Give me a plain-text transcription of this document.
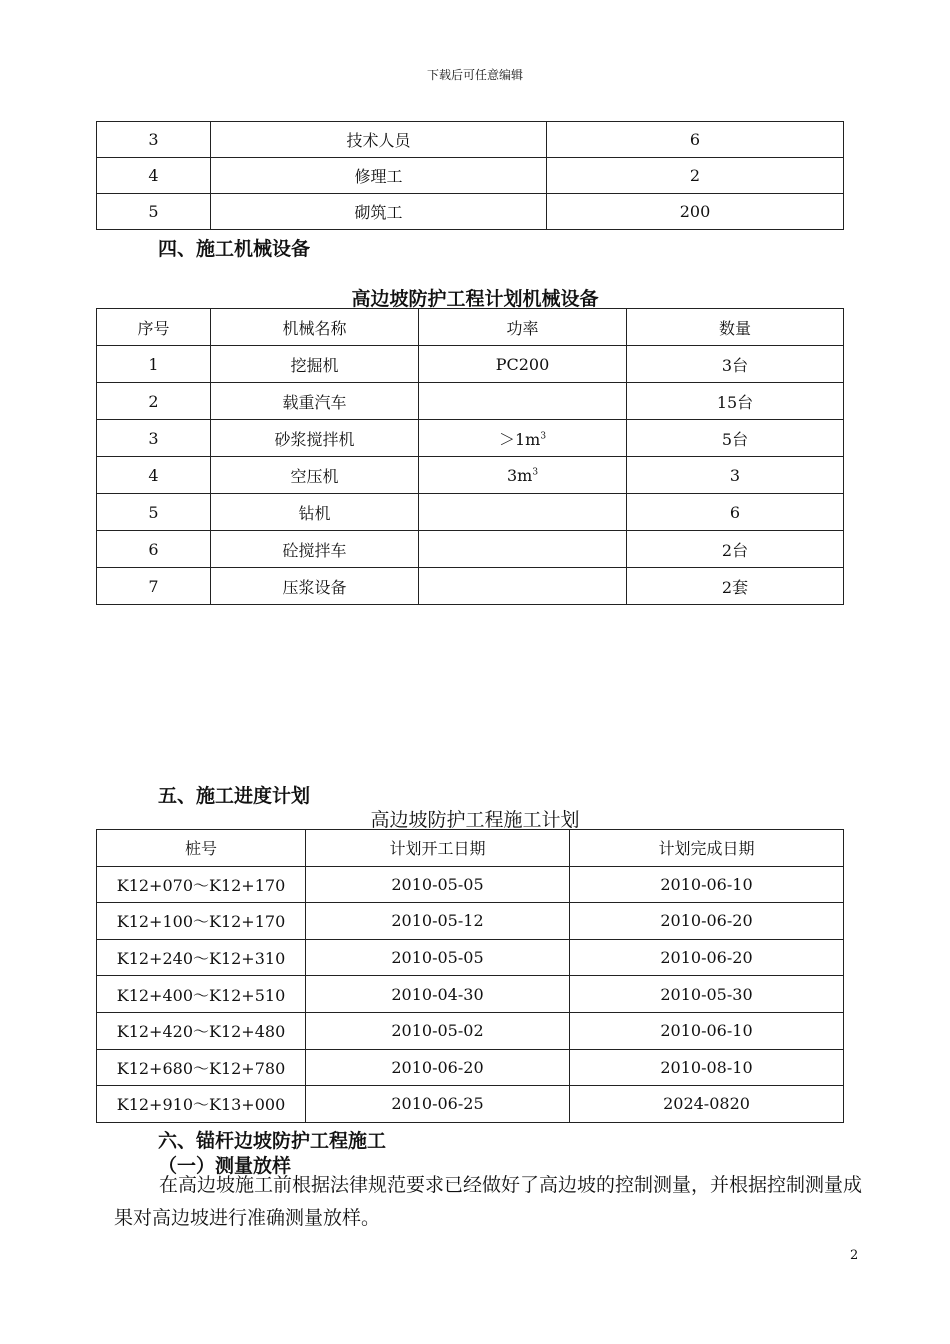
下载后可任意编辑
3	技术人员	6
4	修理工	2
5	砌筑工	200
四、施工机械设备
高边坡防护工程计划机械设备
序号	机械名称	功率	数量
1	挖掘机	PC200	3台
2	载重汽车		15台
3	砂浆搅拌机	$>1m^3$	5台
4	空压机	$3m^3$	3
5	钻机		6
6	砼搅拌车		2台
7	压浆设备		2套
五、施工进度计划
高边坡防护工程施工计划
桩号	计划开工日期	计划完成日期
K12+070～K12+170	2010-05-05	2010-06-10
K12+100～K12+170	2010-05-12	2010-06-20
K12+240～K12+310	2010-05-05	2010-06-20
K12+400～K12+510	2010-04-30	2010-05-30
K12+420～K12+480	2010-05-02	2010-06-10
K12+680～K12+780	2010-06-20	2010-08-10
K12+910～K13+000	2010-06-25	2024-0820
六、锚杆边坡防护工程施工
（一）测量放样
在高边坡施工前根据法律规范要求已经做好了高边坡的控制测量，并根据控制测量成果对高边坡进行准确测量放样。
2
